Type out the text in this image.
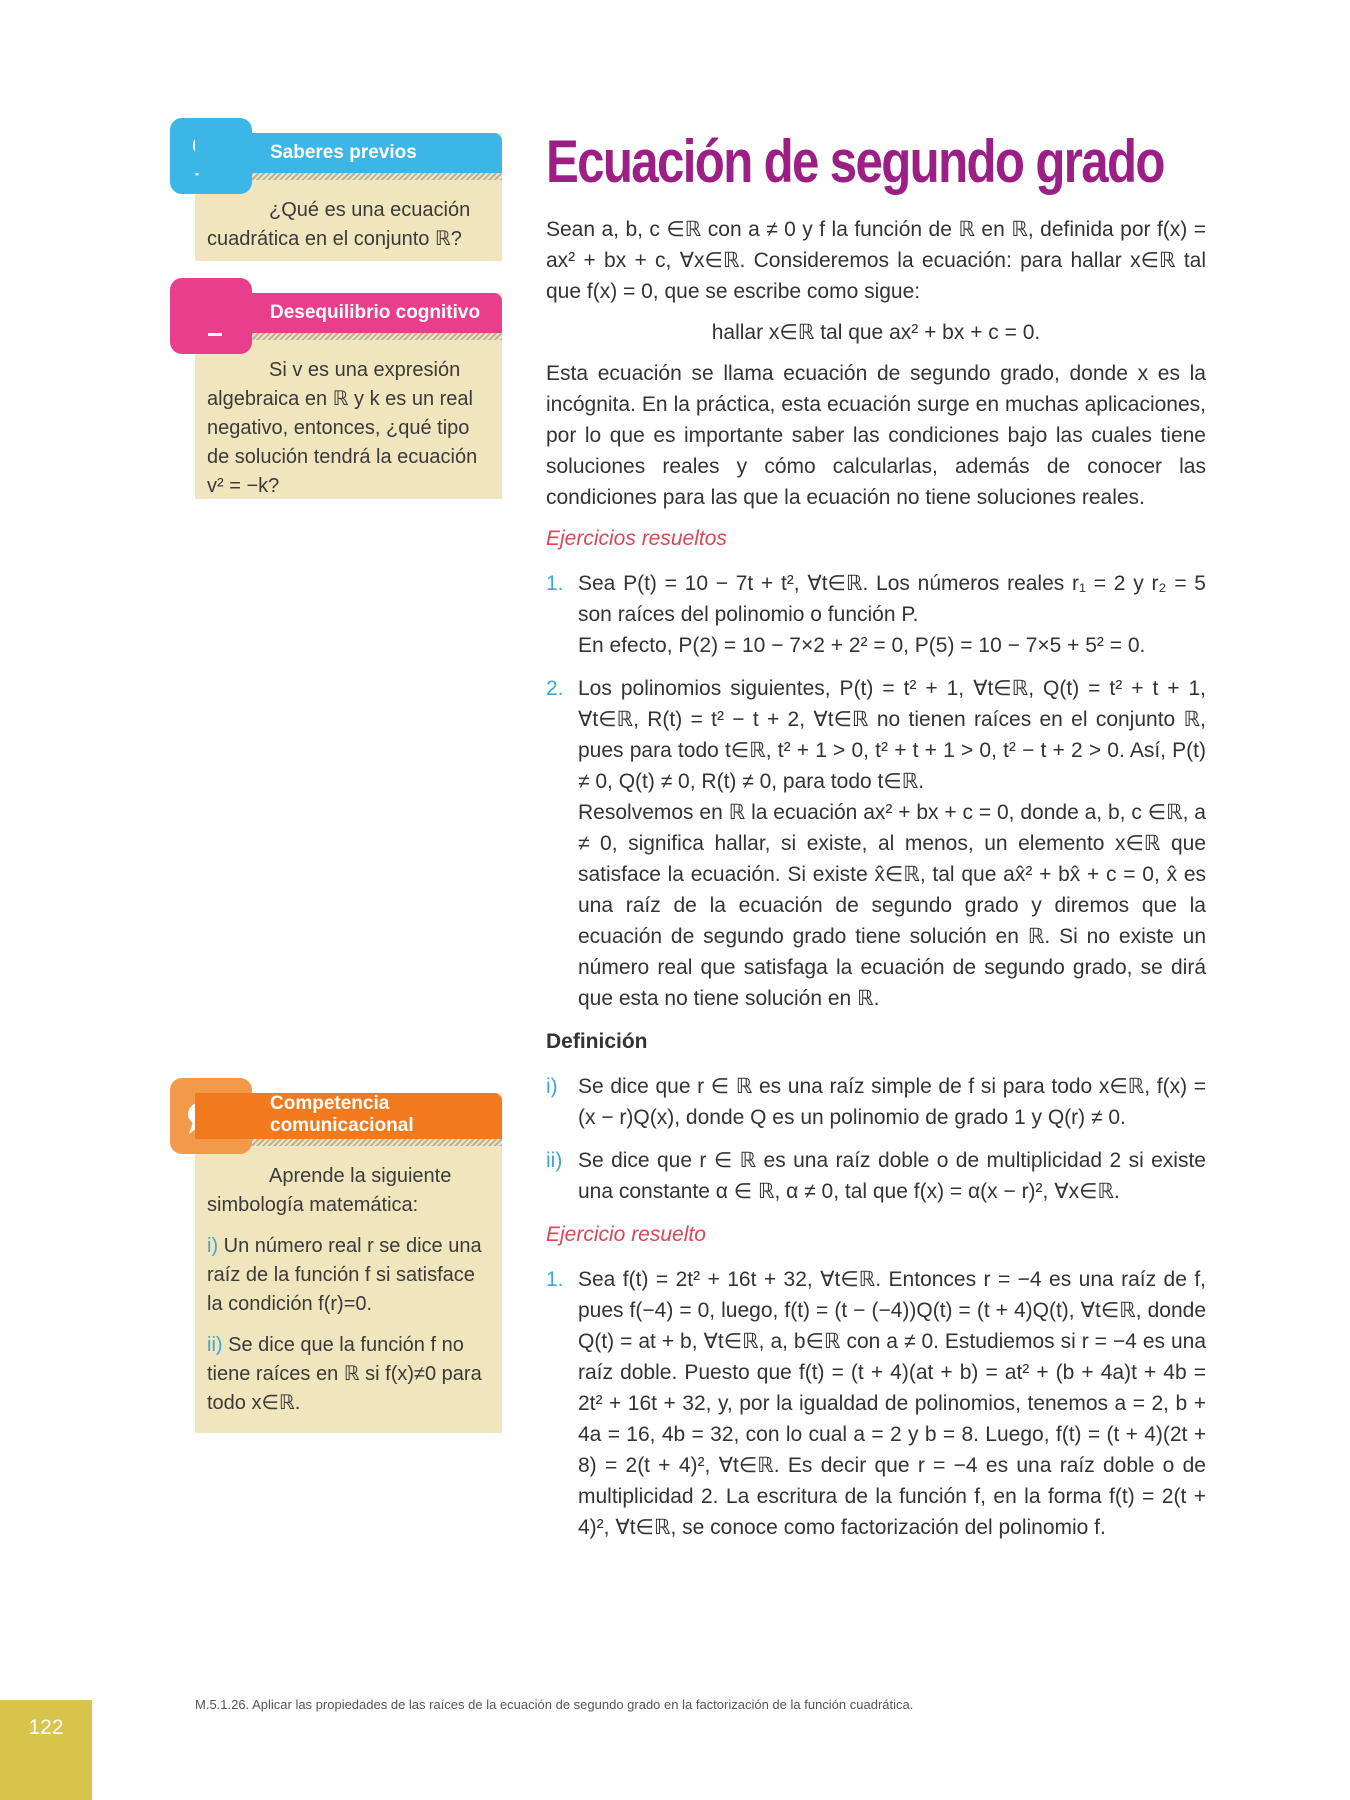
Saberes previos

¿Qué es una ecuación cuadrática en el conjunto ℝ?

Desequilibrio cognitivo

Si v es una expresión algebraica en ℝ y k es un real negativo, entonces, ¿qué tipo de solución tendrá la ecuación v² = −k?

Competencia
comunicacional

Aprende la siguiente simbología matemática:

i) Un número real r se dice una raíz de la función f si satisface la condición f(r)=0.

ii) Se dice que la función f no tiene raíces en ℝ si f(x)≠0 para todo x∈ℝ.

Ecuación de segundo grado

Sean a, b, c ∈ℝ con a ≠ 0 y f la función de ℝ en ℝ, definida por f(x) = ax² + bx + c, ∀x∈ℝ. Consideremos la ecuación: para hallar x∈ℝ tal que f(x) = 0, que se escribe como sigue:

hallar x∈ℝ tal que ax² + bx + c = 0.

Esta ecuación se llama ecuación de segundo grado, donde x es la incógnita. En la práctica, esta ecuación surge en muchas aplicaciones, por lo que es importante saber las condiciones bajo las cuales tiene soluciones reales y cómo calcularlas, además de conocer las condiciones para las que la ecuación no tiene soluciones reales.

Ejercicios resueltos
1. Sea P(t) = 10 − 7t + t², ∀t∈ℝ. Los números reales r₁ = 2 y r₂ = 5 son raíces del polinomio o función P.

En efecto, P(2) = 10 − 7×2 + 2² = 0, P(5) = 10 − 7×5 + 5² = 0.

2. Los polinomios siguientes, P(t) = t² + 1, ∀t∈ℝ, Q(t) = t² + t + 1, ∀t∈ℝ, R(t) = t² − t + 2, ∀t∈ℝ no tienen raíces en el conjunto ℝ, pues para todo t∈ℝ, t² + 1 > 0, t² + t + 1 > 0, t² − t + 2 > 0. Así, P(t) ≠ 0, Q(t) ≠ 0, R(t) ≠ 0, para todo t∈ℝ.

Resolvemos en ℝ la ecuación ax² + bx + c = 0, donde a, b, c ∈ℝ, a ≠ 0, significa hallar, si existe, al menos, un elemento x∈ℝ que satisface la ecuación. Si existe x̂∈ℝ, tal que ax̂² + bx̂ + c = 0, x̂ es una raíz de la ecuación de segundo grado y diremos que la ecuación de segundo grado tiene solución en ℝ. Si no existe un número real que satisfaga la ecuación de segundo grado, se dirá que esta no tiene solución en ℝ.

Definición
i) Se dice que r ∈ ℝ es una raíz simple de f si para todo x∈ℝ, f(x) = (x − r)Q(x), donde Q es un polinomio de grado 1 y Q(r) ≠ 0.

ii) Se dice que r ∈ ℝ es una raíz doble o de multiplicidad 2 si existe una constante α ∈ ℝ, α ≠ 0, tal que f(x) = α(x − r)², ∀x∈ℝ.

Ejercicio resuelto
1. Sea f(t) = 2t² + 16t + 32, ∀t∈ℝ. Entonces r = −4 es una raíz de f, pues f(−4) = 0, luego, f(t) = (t − (−4))Q(t) = (t + 4)Q(t), ∀t∈ℝ, donde Q(t) = at + b, ∀t∈ℝ, a, b∈ℝ con a ≠ 0. Estudiemos si r = −4 es una raíz doble. Puesto que f(t) = (t + 4)(at + b) = at² + (b + 4a)t + 4b = 2t² + 16t + 32, y, por la igualdad de polinomios, tenemos a = 2, b + 4a = 16, 4b = 32, con lo cual a = 2 y b = 8. Luego, f(t) = (t + 4)(2t + 8) = 2(t + 4)², ∀t∈ℝ. Es decir que r = −4 es una raíz doble o de multiplicidad 2. La escritura de la función f, en la forma f(t) = 2(t + 4)², ∀t∈ℝ, se conoce como factorización del polinomio f.

M.5.1.26. Aplicar las propiedades de las raíces de la ecuación de segundo grado en la factorización de la función cuadrática.
122
